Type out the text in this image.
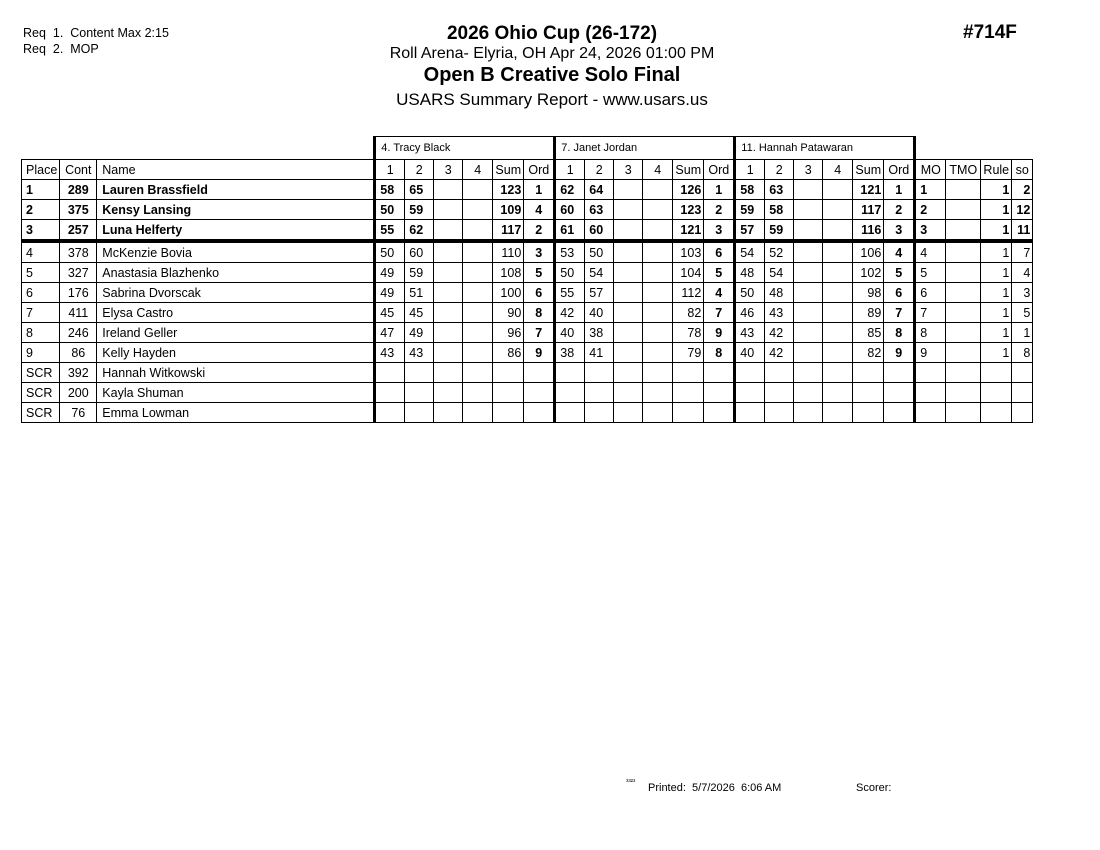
Req  1.  Content Max 2:15
Req  2.  MOP
#714F
2026 Ohio Cup (26-172)
Roll Arena- Elyria, OH Apr 24, 2026 01:00 PM
Open B Creative Solo Final
USARS Summary Report - www.usars.us
			4. Tracy Black						7. Janet Jordan						11. Hannah Patawaran									
Place	Cont	Name	1	2	3	4	Sum	Ord	1	2	3	4	Sum	Ord	1	2	3	4	Sum	Ord	MO	TMO	Rule	so
1	289	Lauren Brassfield	58	65			123	1	62	64			126	1	58	63			121	1	1		1	2
2	375	Kensy Lansing	50	59			109	4	60	63			123	2	59	58			117	2	2		1	12
3	257	Luna Helferty	55	62			117	2	61	60			121	3	57	59			116	3	3		1	11
4	378	McKenzie Bovia	50	60			110	3	53	50			103	6	54	52			106	4	4		1	7
5	327	Anastasia Blazhenko	49	59			108	5	50	54			104	5	48	54			102	5	5		1	4
6	176	Sabrina Dvorscak	49	51			100	6	55	57			112	4	50	48			98	6	6		1	3
7	411	Elysa Castro	45	45			90	8	42	40			82	7	46	43			89	7	7		1	5
8	246	Ireland Geller	47	49			96	7	40	38			78	9	43	42			85	8	8		1	1
9	86	Kelly Hayden	43	43			86	9	38	41			79	8	40	42			82	9	9		1	8
SCR	392	Hannah Witkowski																						
SCR	200	Kayla Shuman																						
SCR	76	Emma Lowman																						
³³²³ Printed:  5/7/2026  6:06 AM	Scorer:
